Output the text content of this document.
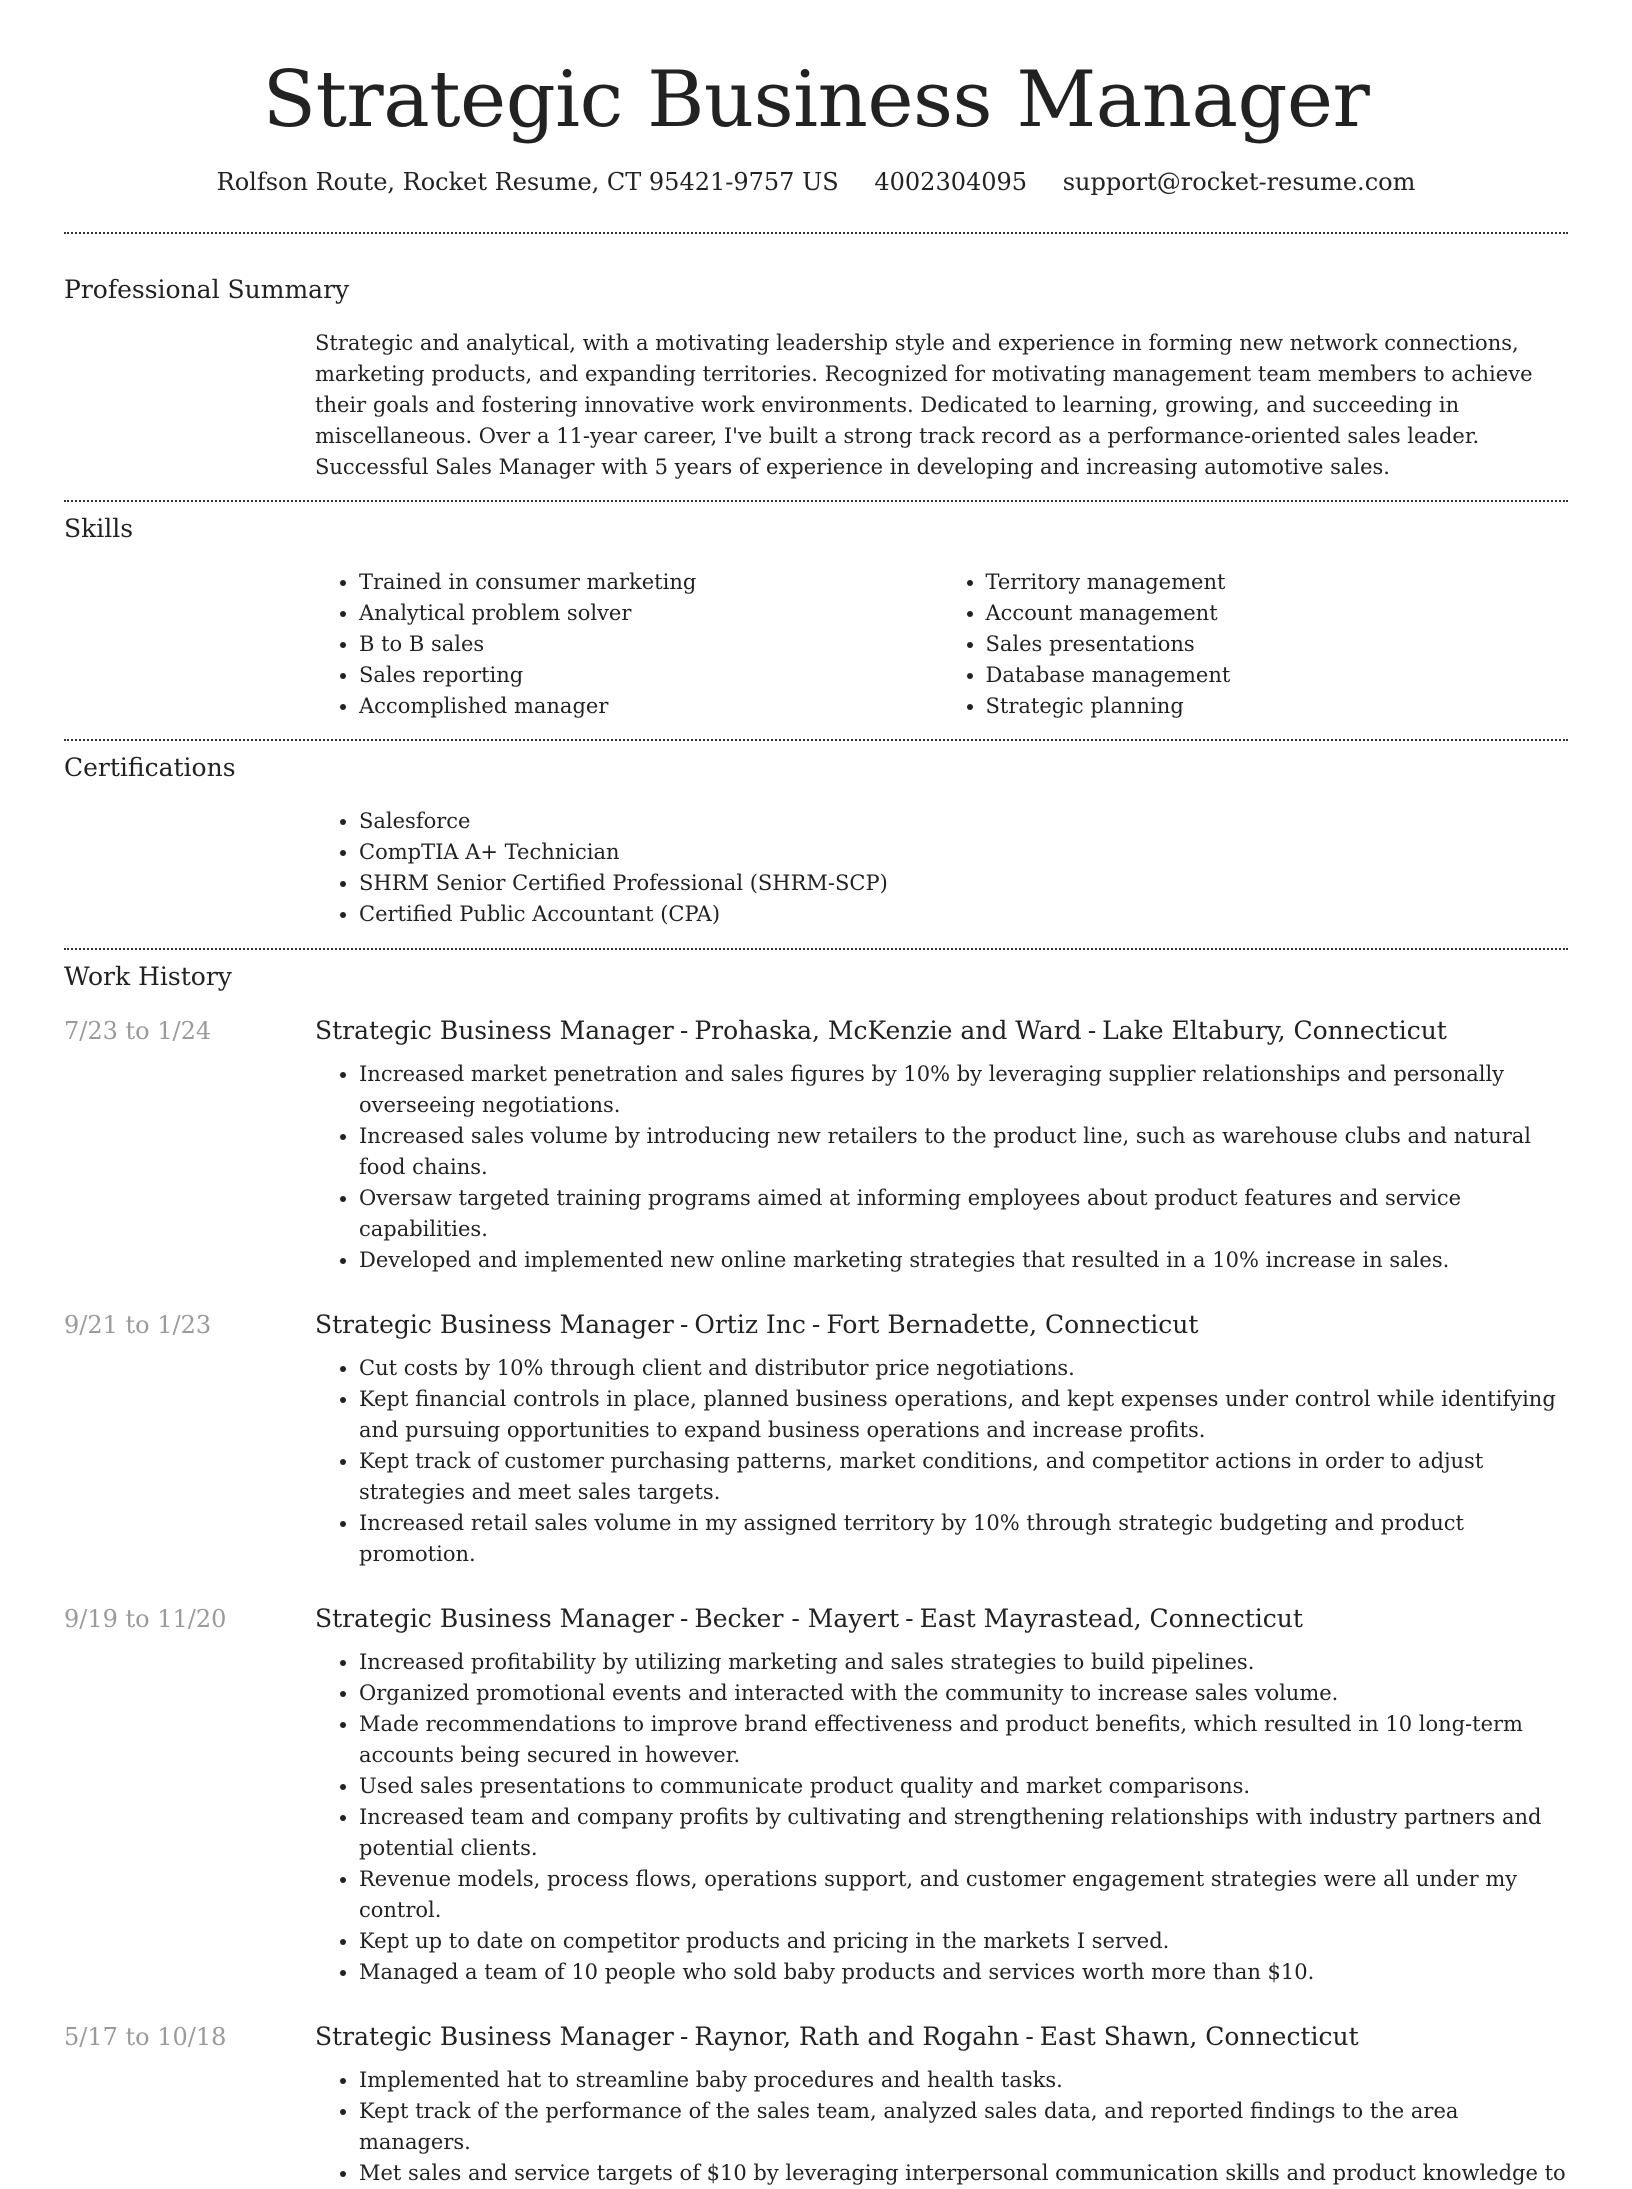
Strategic Business Manager
Rolfson Route, Rocket Resume, CT 95421-9757 US 4002304095 support@rocket-resume.com
Professional Summary

Strategic and analytical, with a motivating leadership style and experience in forming new network connections, marketing products, and expanding territories. Recognized for motivating management team members to achieve their goals and fostering innovative work environments. Dedicated to learning, growing, and succeeding in miscellaneous. Over a 11-year career, I've built a strong track record as a performance-oriented sales leader. Successful Sales Manager with 5 years of experience in developing and increasing automotive sales.

Skills
• Trained in consumer marketing
• Analytical problem solver
• B to B sales
• Sales reporting
• Accomplished manager
• Territory management
• Account management
• Sales presentations
• Database management
• Strategic planning
Certifications
• Salesforce
• CompTIA A+ Technician
• SHRM Senior Certified Professional (SHRM-SCP)
• Certified Public Accountant (CPA)
Work History
7/23 to 1/24	Strategic Business Manager - Prohaska, McKenzie and Ward - Lake Eltabury, Connecticut
• Increased market penetration and sales figures by 10% by leveraging supplier relationships and personally overseeing negotiations.
• Increased sales volume by introducing new retailers to the product line, such as warehouse clubs and natural food chains.
• Oversaw targeted training programs aimed at informing employees about product features and service capabilities.
• Developed and implemented new online marketing strategies that resulted in a 10% increase in sales.
9/21 to 1/23	Strategic Business Manager - Ortiz Inc - Fort Bernadette, Connecticut
• Cut costs by 10% through client and distributor price negotiations.
• Kept financial controls in place, planned business operations, and kept expenses under control while identifying and pursuing opportunities to expand business operations and increase profits.
• Kept track of customer purchasing patterns, market conditions, and competitor actions in order to adjust strategies and meet sales targets.
• Increased retail sales volume in my assigned territory by 10% through strategic budgeting and product promotion.
9/19 to 11/20	Strategic Business Manager - Becker - Mayert - East Mayrastead, Connecticut
• Increased profitability by utilizing marketing and sales strategies to build pipelines.
• Organized promotional events and interacted with the community to increase sales volume.
• Made recommendations to improve brand effectiveness and product benefits, which resulted in 10 long-term accounts being secured in however.
• Used sales presentations to communicate product quality and market comparisons.
• Increased team and company profits by cultivating and strengthening relationships with industry partners and potential clients.
• Revenue models, process flows, operations support, and customer engagement strategies were all under my control.
• Kept up to date on competitor products and pricing in the markets I served.
• Managed a team of 10 people who sold baby products and services worth more than $10.
5/17 to 10/18	Strategic Business Manager - Raynor, Rath and Rogahn - East Shawn, Connecticut
• Implemented hat to streamline baby procedures and health tasks.
• Kept track of the performance of the sales team, analyzed sales data, and reported findings to the area managers.
• Met sales and service targets of $10 by leveraging interpersonal communication skills and product knowledge to
